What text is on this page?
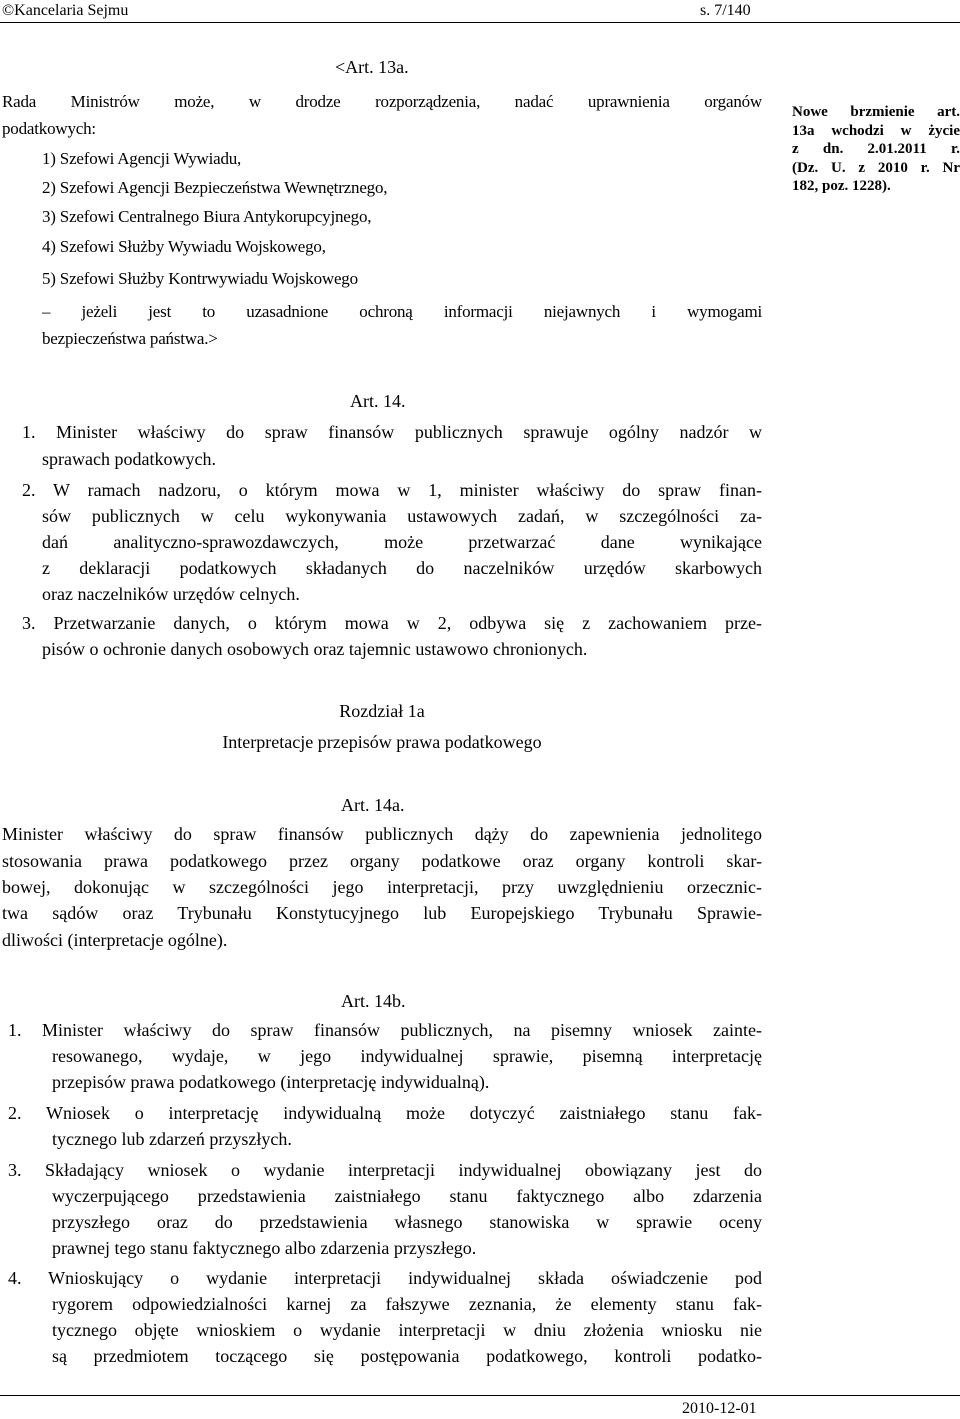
©Kancelaria Sejmu	s. 7/140
<Art. 13a.
Rada Ministrów może, w drodze rozporządzenia, nadać uprawnienia organów
podatkowych:
1) Szefowi Agencji Wywiadu,
2) Szefowi Agencji Bezpieczeństwa Wewnętrznego,
3) Szefowi Centralnego Biura Antykorupcyjnego,
4) Szefowi Służby Wywiadu Wojskowego,
5) Szefowi Służby Kontrwywiadu Wojskowego
– jeżeli jest to uzasadnione ochroną informacji niejawnych i wymogami
bezpieczeństwa państwa.>
Nowe brzmienie art.
13a wchodzi w życie
z dn. 2.01.2011 r.
(Dz. U. z 2010 r. Nr
182, poz. 1228).
Art. 14.
1. Minister właściwy do spraw finansów publicznych sprawuje ogólny nadzór w
sprawach podatkowych.
2. W ramach nadzoru, o którym mowa w 1, minister właściwy do spraw finan-
sów publicznych w celu wykonywania ustawowych zadań, w szczególności za-
dań analityczno-sprawozdawczych, może przetwarzać dane wynikające
z deklaracji podatkowych składanych do naczelników urzędów skarbowych
oraz naczelników urzędów celnych.
3. Przetwarzanie danych, o którym mowa w 2, odbywa się z zachowaniem prze-
pisów o ochronie danych osobowych oraz tajemnic ustawowo chronionych.
Rozdział 1a
Interpretacje przepisów prawa podatkowego
Art. 14a.
Minister właściwy do spraw finansów publicznych dąży do zapewnienia jednolitego
stosowania prawa podatkowego przez organy podatkowe oraz organy kontroli skar-
bowej, dokonując w szczególności jego interpretacji, przy uwzględnieniu orzecznic-
twa sądów oraz Trybunału Konstytucyjnego lub Europejskiego Trybunału Sprawie-
dliwości (interpretacje ogólne).
Art. 14b.
1. Minister właściwy do spraw finansów publicznych, na pisemny wniosek zainte-
resowanego, wydaje, w jego indywidualnej sprawie, pisemną interpretację
przepisów prawa podatkowego (interpretację indywidualną).
2. Wniosek o interpretację indywidualną może dotyczyć zaistniałego stanu fak-
tycznego lub zdarzeń przyszłych.
3. Składający wniosek o wydanie interpretacji indywidualnej obowiązany jest do
wyczerpującego przedstawienia zaistniałego stanu faktycznego albo zdarzenia
przyszłego oraz do przedstawienia własnego stanowiska w sprawie oceny
prawnej tego stanu faktycznego albo zdarzenia przyszłego.
4. Wnioskujący o wydanie interpretacji indywidualnej składa oświadczenie pod
rygorem odpowiedzialności karnej za fałszywe zeznania, że elementy stanu fak-
tycznego objęte wnioskiem o wydanie interpretacji w dniu złożenia wniosku nie
są przedmiotem toczącego się postępowania podatkowego, kontroli podatko-
2010-12-01
